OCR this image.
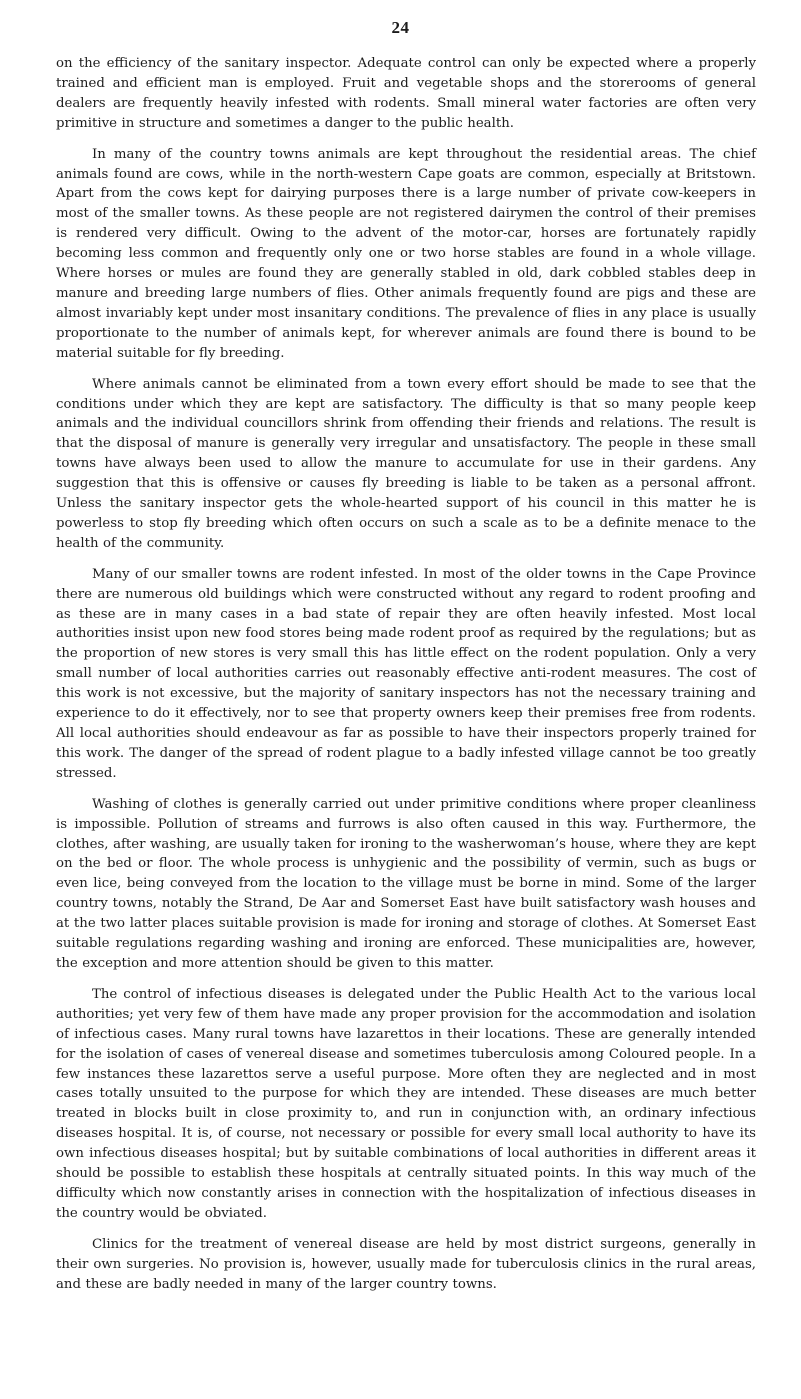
24

on the efficiency of the sanitary inspector. Adequate control can only be expected where a properly trained and efficient man is employed. Fruit and vegetable shops and the storerooms of general dealers are frequently heavily infested with rodents. Small mineral water factories are often very primitive in structure and sometimes a danger to the public health.

In many of the country towns animals are kept throughout the residential areas. The chief animals found are cows, while in the north-western Cape goats are common, especially at Britstown. Apart from the cows kept for dairying purposes there is a large number of private cow-keepers in most of the smaller towns. As these people are not registered dairymen the control of their premises is rendered very difficult. Owing to the advent of the motor-car, horses are fortunately rapidly becoming less common and frequently only one or two horse stables are found in a whole village. Where horses or mules are found they are generally stabled in old, dark cobbled stables deep in manure and breeding large numbers of flies. Other animals frequently found are pigs and these are almost invariably kept under most insanitary conditions. The prevalence of flies in any place is usually proportionate to the number of animals kept, for wherever animals are found there is bound to be material suitable for fly breeding.

Where animals cannot be eliminated from a town every effort should be made to see that the conditions under which they are kept are satisfactory. The difficulty is that so many people keep animals and the individual councillors shrink from offending their friends and relations. The result is that the disposal of manure is generally very irregular and unsatisfactory. The people in these small towns have always been used to allow the manure to accumulate for use in their gardens. Any suggestion that this is offensive or causes fly breeding is liable to be taken as a personal affront. Unless the sanitary inspector gets the whole-hearted support of his council in this matter he is powerless to stop fly breeding which often occurs on such a scale as to be a definite menace to the health of the community.

Many of our smaller towns are rodent infested. In most of the older towns in the Cape Province there are numerous old buildings which were constructed without any regard to rodent proofing and as these are in many cases in a bad state of repair they are often heavily infested. Most local authorities insist upon new food stores being made rodent proof as required by the regulations; but as the proportion of new stores is very small this has little effect on the rodent population. Only a very small number of local authorities carries out reasonably effective anti-rodent measures. The cost of this work is not excessive, but the majority of sanitary inspectors has not the necessary training and experience to do it effectively, nor to see that property owners keep their premises free from rodents. All local authorities should endeavour as far as possible to have their inspectors properly trained for this work. The danger of the spread of rodent plague to a badly infested village cannot be too greatly stressed.

Washing of clothes is generally carried out under primitive conditions where proper cleanliness is impossible. Pollution of streams and furrows is also often caused in this way. Furthermore, the clothes, after washing, are usually taken for ironing to the washerwoman’s house, where they are kept on the bed or floor. The whole process is unhygienic and the possibility of vermin, such as bugs or even lice, being conveyed from the location to the village must be borne in mind. Some of the larger country towns, notably the Strand, De Aar and Somerset East have built satisfactory wash houses and at the two latter places suitable provision is made for ironing and storage of clothes. At Somerset East suitable regulations regarding washing and ironing are enforced. These municipalities are, however, the exception and more attention should be given to this matter.

The control of infectious diseases is delegated under the Public Health Act to the various local authorities; yet very few of them have made any proper provision for the accommodation and isolation of infectious cases. Many rural towns have lazarettos in their locations. These are generally intended for the isolation of cases of venereal disease and sometimes tuberculosis among Coloured people. In a few instances these lazarettos serve a useful purpose. More often they are neglected and in most cases totally unsuited to the purpose for which they are intended. These diseases are much better treated in blocks built in close proximity to, and run in conjunction with, an ordinary infectious diseases hospital. It is, of course, not necessary or possible for every small local authority to have its own infectious diseases hospital; but by suitable combinations of local authorities in different areas it should be possible to establish these hospitals at centrally situated points. In this way much of the difficulty which now constantly arises in connection with the hospitalization of infectious diseases in the country would be obviated.

Clinics for the treatment of venereal disease are held by most district surgeons, generally in their own surgeries. No provision is, however, usually made for tuberculosis clinics in the rural areas, and these are badly needed in many of the larger country towns.
